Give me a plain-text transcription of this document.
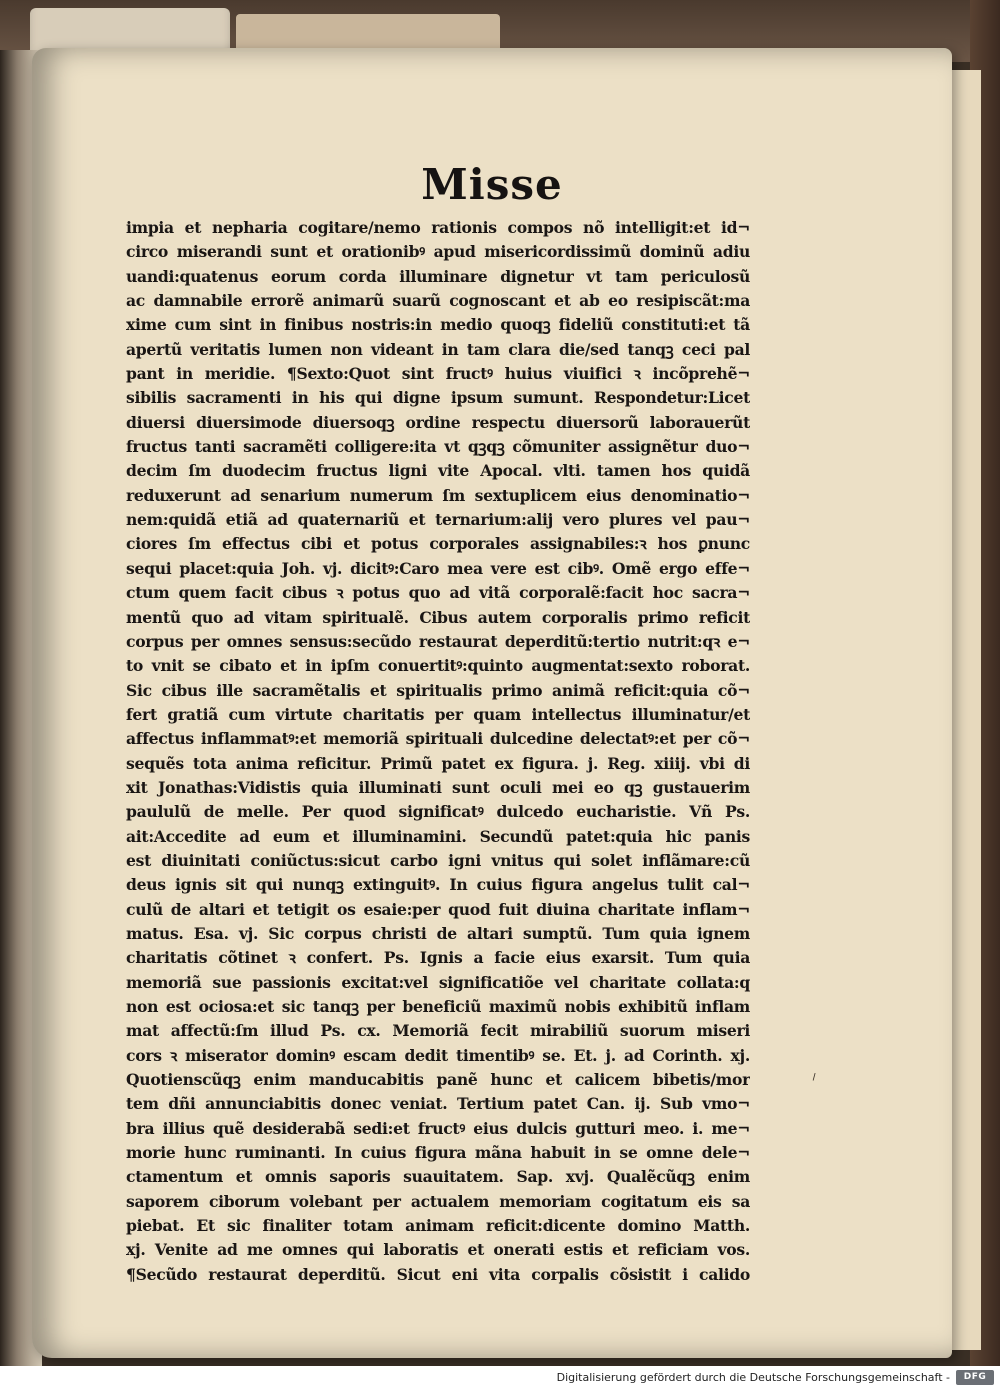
Misse
impia et nepharia cogitare/nemo rationis compos nõ intelligit:et id¬
circo miserandi sunt et orationibꝰ apud misericordissimũ dominũ adiu
uandi:quatenus eorum corda illuminare dignetur vt tam periculosũ
ac damnabile errorẽ animarũ suarũ cognoscant et ab eo resipiscãt:ma
xime cum sint in finibus nostris:in medio quoqꝫ fideliũ constituti:et tã
apertũ veritatis lumen non videant in tam clara die/sed tanqꝫ ceci pal
pant in meridie. ¶Sexto:Quot sint fructꝰ huius viuifici ꝛ incõprehẽ¬
sibilis sacramenti in his qui digne ipsum sumunt. Respondetur:Licet
diuersi diuersimode diuersoqꝫ ordine respectu diuersorũ laborauerũt
fructus tanti sacramẽti colligere:ita vt qꝫqꝫ cõmuniter assignẽtur duo¬
decim ſm duodecim fructus ligni vite Apocal. vlti. tamen hos quidã
reduxerunt ad senarium numerum ſm sextuplicem eius denominatio¬
nem:quidã etiã ad quaternariũ et ternarium:alij vero plures vel pau¬
ciores ſm effectus cibi et potus corporales assignabiles:ꝛ hos ꝑnunc
sequi placet:quia Joh. vj. dicitꝰ:Caro mea vere est cibꝰ. Omẽ ergo effe¬
ctum quem facit cibus ꝛ potus quo ad vitã corporalẽ:facit hoc sacra¬
mentũ quo ad vitam spiritualẽ. Cibus autem corporalis primo reficit
corpus per omnes sensus:secũdo restaurat deperditũ:tertio nutrit:qꝛ e¬
to vnit se cibato et in ipſm conuertitꝰ:quinto augmentat:sexto roborat.
Sic cibus ille sacramẽtalis et spiritualis primo animã reficit:quia cõ¬
fert gratiã cum virtute charitatis per quam intellectus illuminatur/et
affectus inflammatꝰ:et memoriã spirituali dulcedine delectatꝰ:et per cõ¬
sequẽs tota anima reficitur. Primũ patet ex figura. j. Reg. xiiij. vbi di
xit Jonathas:Vidistis quia illuminati sunt oculi mei eo qꝫ gustauerim
paululũ de melle. Per quod significatꝰ dulcedo eucharistie. Vñ Ps.
ait:Accedite ad eum et illuminamini. Secundũ patet:quia hic panis
est diuinitati coniũctus:sicut carbo igni vnitus qui solet inflãmare:cũ
deus ignis sit qui nunqꝫ extinguitꝰ. In cuius figura angelus tulit cal¬
culũ de altari et tetigit os esaie:per quod fuit diuina charitate inflam¬
matus. Esa. vj. Sic corpus christi de altari sumptũ. Tum quia ignem
charitatis cõtinet ꝛ confert. Ps. Ignis a facie eius exarsit. Tum quia
memoriã sue passionis excitat:vel significatiõe vel charitate collata:q
non est ociosa:et sic tanqꝫ per beneficiũ maximũ nobis exhibitũ inflam
mat affectũ:ſm illud Ps. cx. Memoriã fecit mirabiliũ suorum miseri
cors ꝛ miserator dominꝰ escam dedit timentibꝰ se. Et. j. ad Corinth. xj.
Quotienscũqꝫ enim manducabitis panẽ hunc et calicem bibetis/mor
tem dñi annunciabitis donec veniat. Tertium patet Can. ij. Sub vmo¬
bra illius quẽ desiderabã sedi:et fructꝰ eius dulcis gutturi meo. i. me¬
morie hunc ruminanti. In cuius figura mãna habuit in se omne dele¬
ctamentum et omnis saporis suauitatem. Sap. xvj. Qualẽcũqꝫ enim
saporem ciborum volebant per actualem memoriam cogitatum eis sa
piebat. Et sic finaliter totam animam reficit:dicente domino Matth.
xj. Venite ad me omnes qui laboratis et onerati estis et reficiam vos.
¶Secũdo restaurat deperditũ. Sicut eni vita corpalis cõsistit i calido
⸝
Digitalisierung gefördert durch die Deutsche Forschungsgemeinschaft -	DFG
